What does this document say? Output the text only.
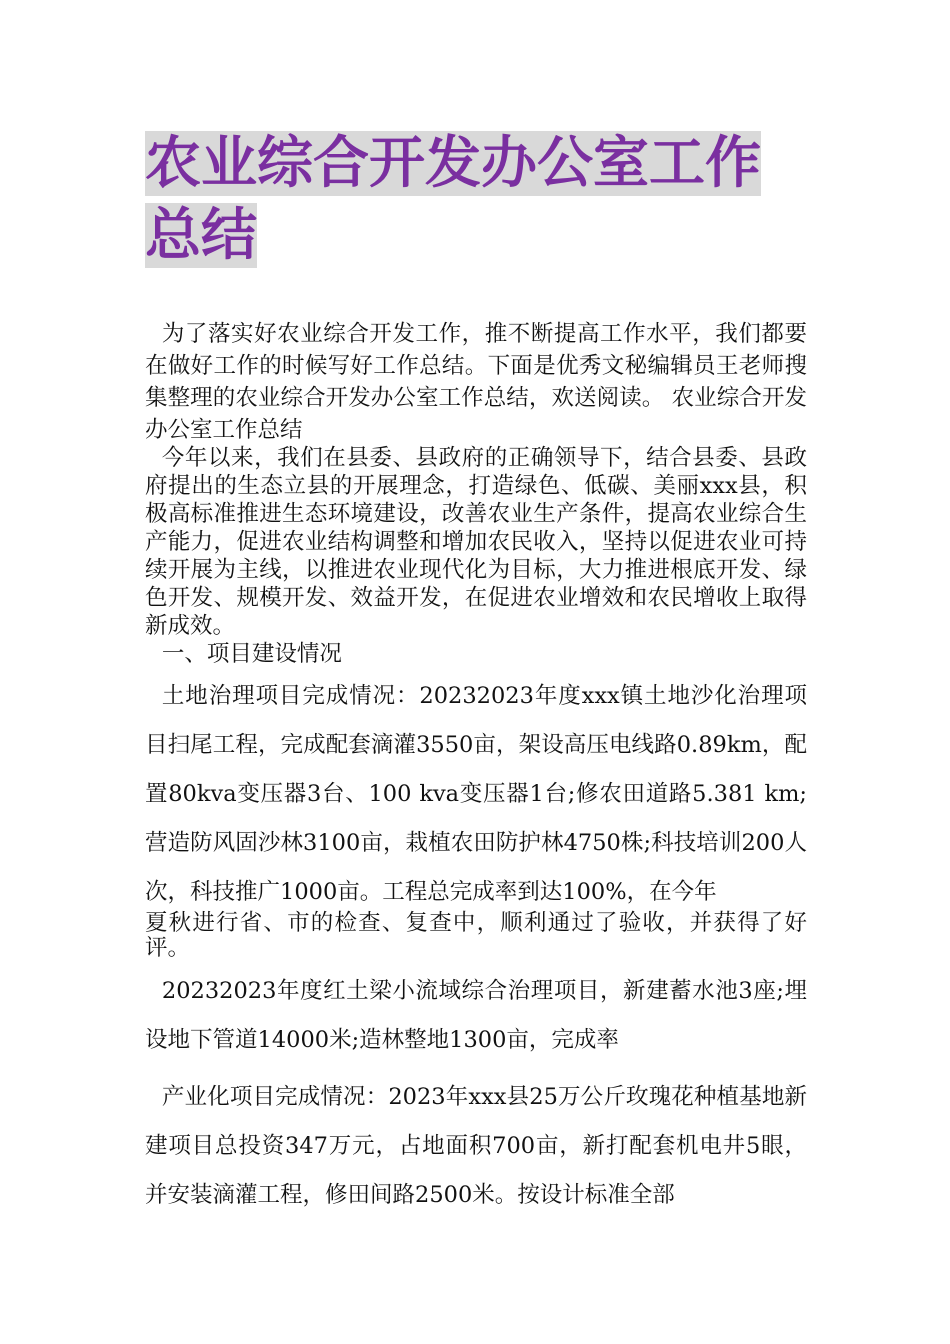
农业综合开发办公室工作总结

为了落实好农业综合开发工作，推不断提高工作水平，我们都要在做好工作的时候写好工作总结。下面是优秀文秘编辑员王老师搜集整理的农业综合开发办公室工作总结，欢送阅读。 农业综合开发办公室工作总结

今年以来，我们在县委、县政府的正确领导下，结合县委、县政府提出的生态立县的开展理念，打造绿色、低碳、美丽xxx县，积极高标准推进生态环境建设，改善农业生产条件，提高农业综合生产能力，促进农业结构调整和增加农民收入，坚持以促进农业可持续开展为主线，以推进农业现代化为目标，大力推进根底开发、绿色开发、规模开发、效益开发，在促进农业增效和农民增收上取得新成效。

一、项目建设情况

土地治理项目完成情况：20232023年度xxx镇土地沙化治理项目扫尾工程，完成配套滴灌3550亩，架设高压电线路0.89km，配置80kva变压器3台、100 kva变压器1台;修农田道路5.381 km;营造防风固沙林3100亩，栽植农田防护林4750株;科技培训200人次，科技推广1000亩。工程总完成率到达100%，在今年

夏秋进行省、市的检查、复查中，顺利通过了验收，并获得了好评。

20232023年度红土梁小流域综合治理项目，新建蓄水池3座;埋设地下管道14000米;造林整地1300亩，完成率

产业化项目完成情况：2023年xxx县25万公斤玫瑰花种植基地新建项目总投资347万元，占地面积700亩，新打配套机电井5眼，并安装滴灌工程，修田间路2500米。按设计标准全部
